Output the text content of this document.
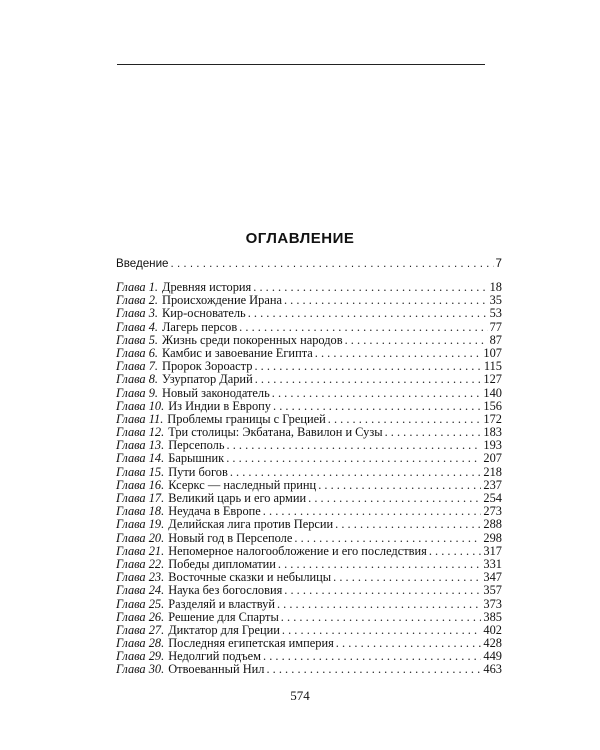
ОГЛАВЛЕНИЕ
Введение . . .	7
Глава 1. Древняя история . . .	18
Глава 2. Происхождение Ирана . . .	35
Глава 3. Кир-основатель . . .	53
Глава 4. Лагерь персов . . .	77
Глава 5. Жизнь среди покоренных народов . . .	87
Глава 6. Камбис и завоевание Египта . . .	107
Глава 7. Пророк Зороастр . . .	115
Глава 8. Узурпатор Дарий . . .	127
Глава 9. Новый законодатель . . .	140
Глава 10. Из Индии в Европу . . .	156
Глава 11. Проблемы границы с Грецией . . .	172
Глава 12. Три столицы: Экбатана, Вавилон и Сузы . . .	183
Глава 13. Персеполь . . .	193
Глава 14. Барышник . . .	207
Глава 15. Пути богов . . .	218
Глава 16. Ксеркс — наследный принц . . .	237
Глава 17. Великий царь и его армии . . .	254
Глава 18. Неудача в Европе . . .	273
Глава 19. Делийская лига против Персии . . .	288
Глава 20. Новый год в Персеполе . . .	298
Глава 21. Непомерное налогообложение и его последствия . . .	317
Глава 22. Победы дипломатии . . .	331
Глава 23. Восточные сказки и небылицы . . .	347
Глава 24. Наука без богословия . . .	357
Глава 25. Разделяй и властвуй . . .	373
Глава 26. Решение для Спарты . . .	385
Глава 27. Диктатор для Греции . . .	402
Глава 28. Последняя египетская империя . . .	428
Глава 29. Недолгий подъем . . .	449
Глава 30. Отвоеванный Нил . . .	463
574
